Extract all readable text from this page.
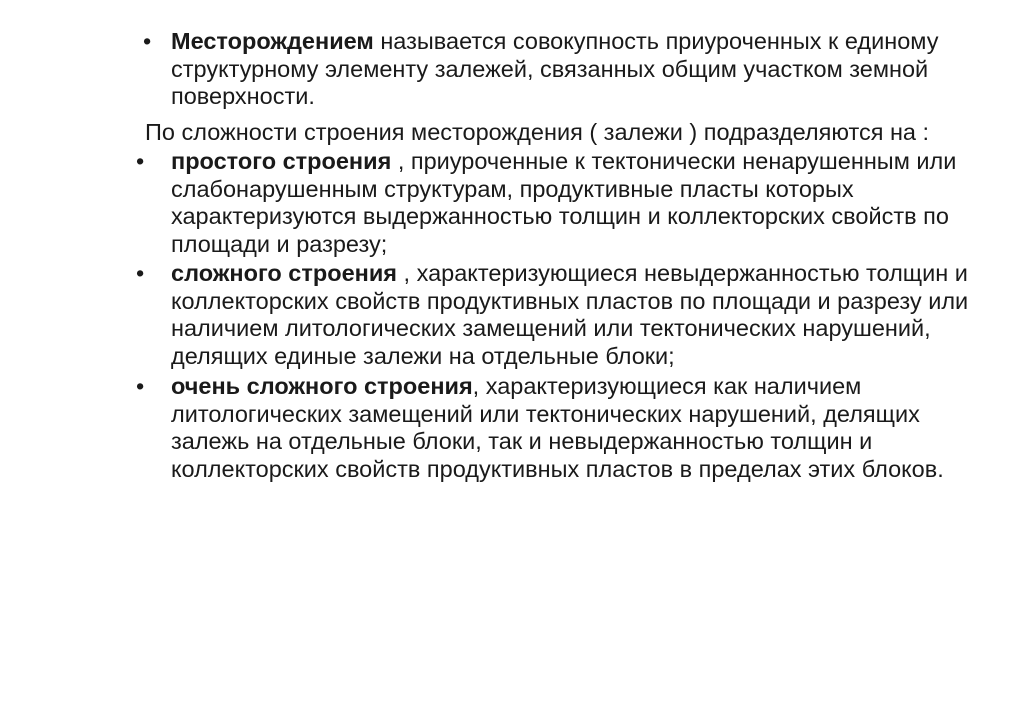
• Месторождением называется совокупность приуроченных к единому структурному элементу залежей, связанных общим участком земной поверхности.
По сложности строения месторождения ( залежи ) подразделяются на :
•	простого строения , приуроченные к тектонически ненарушенным или слабонарушенным структурам, продуктивные пласты которых характеризуются выдержанностью толщин и коллекторских свойств по площади и разрезу;
•	сложного строения , характеризующиеся невыдержанностью толщин и коллекторских свойств продуктивных пластов по площади и разрезу или наличием литологических замещений или тектонических нарушений, делящих единые залежи на отдельные блоки;
•	очень сложного строения, характеризующиеся как наличием литологических замещений или тектонических нарушений, делящих залежь на отдельные блоки, так и невыдержанностью толщин и коллекторских свойств продуктивных пластов в пределах этих блоков.
